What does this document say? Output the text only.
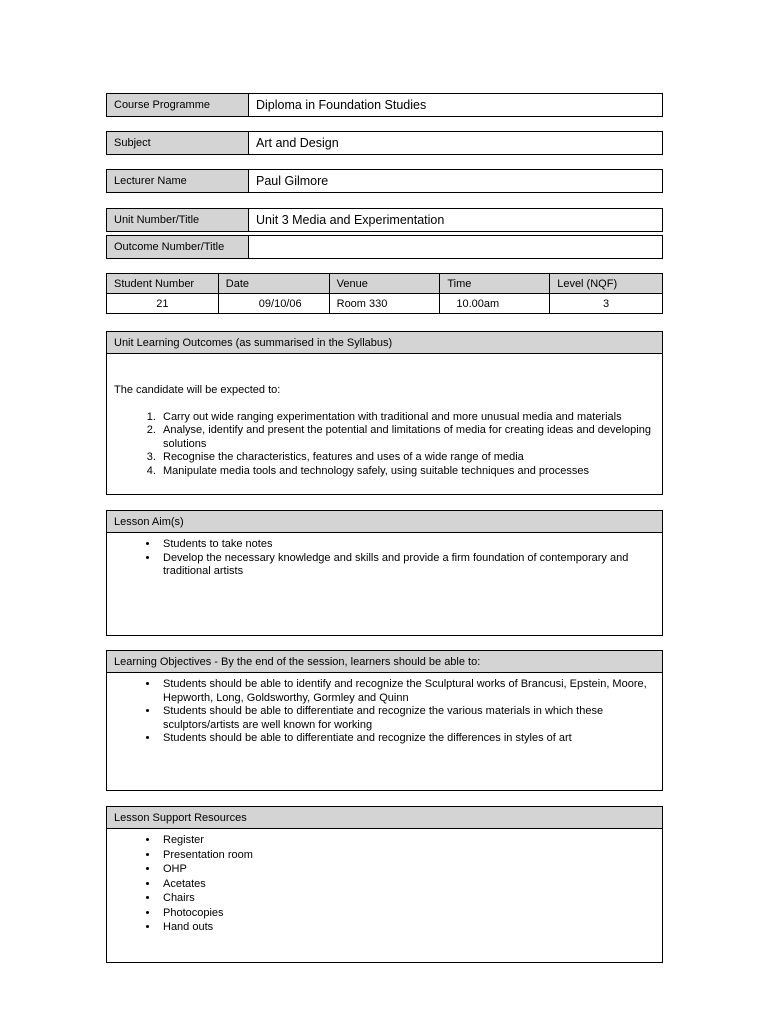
Course Programme	Diploma in Foundation Studies
Subject	Art and Design
Lecturer Name	Paul Gilmore
Unit Number/Title	Unit 3 Media and Experimentation
Outcome Number/Title
Student Number	Date	Venue	Time	Level (NQF)
21	09/10/06	Room 330	10.00am	3
Unit Learning Outcomes (as summarised in the Syllabus)
The candidate will be expected to:
1. Carry out wide ranging experimentation with traditional and more unusual media and materials
2. Analyse, identify and present the potential and limitations of media for creating ideas and developing solutions
3. Recognise the characteristics, features and uses of a wide range of media
4. Manipulate media tools and technology safely, using suitable techniques and processes
Lesson Aim(s)
• Students to take notes
• Develop the necessary knowledge and skills and provide a firm foundation of contemporary and traditional artists
Learning Objectives - By the end of the session, learners should be able to:
• Students should be able to identify and recognize the Sculptural works of Brancusi, Epstein, Moore, Hepworth, Long, Goldsworthy, Gormley and Quinn
• Students should be able to differentiate and recognize the various materials in which these sculptors/artists are well known for working
• Students should be able to differentiate and recognize the differences in styles of art
Lesson Support Resources
• Register
• Presentation room
• OHP
• Acetates
• Chairs
• Photocopies
• Hand outs
